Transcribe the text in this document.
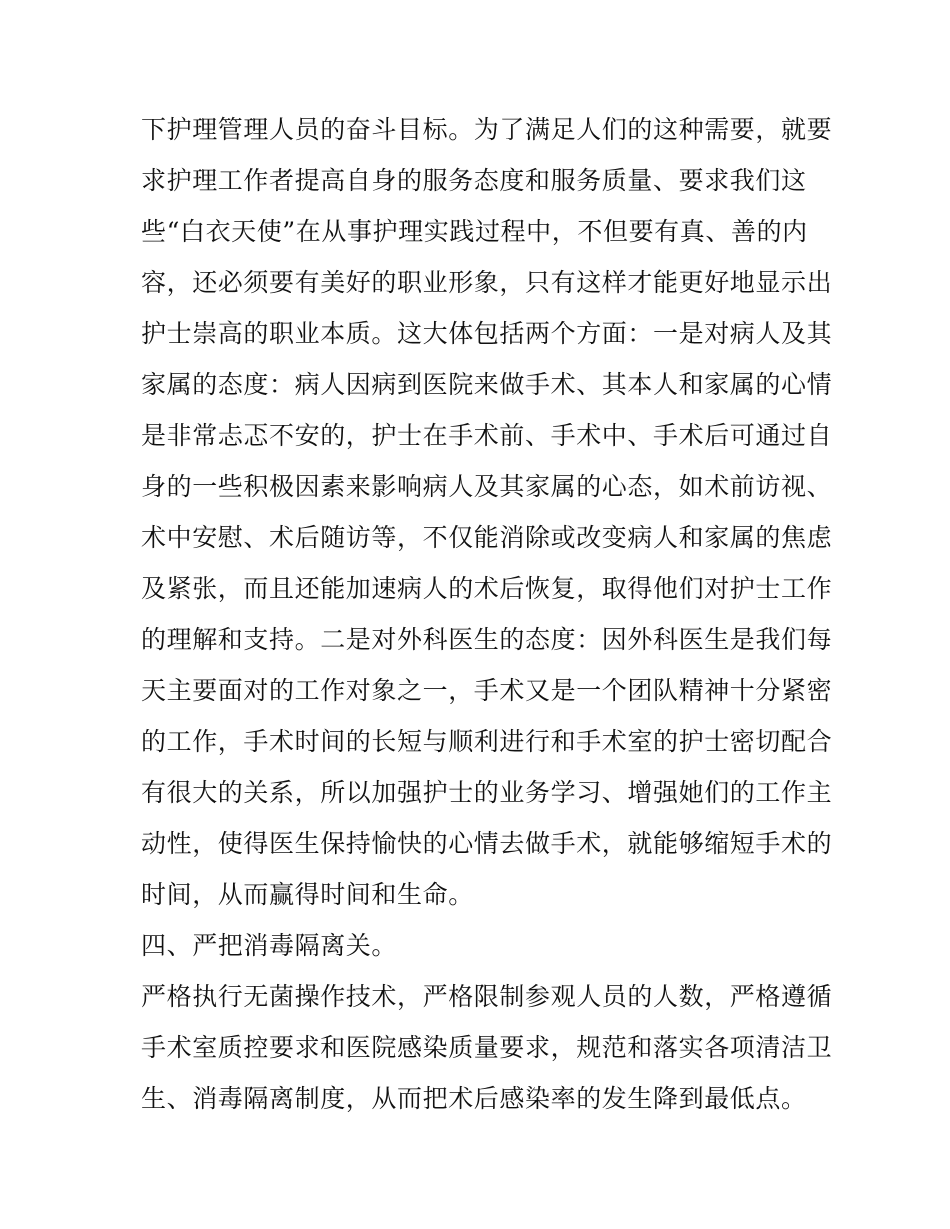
下护理管理人员的奋斗目标。为了满足人们的这种需要，就要
求护理工作者提高自身的服务态度和服务质量、要求我们这
些“白衣天使”在从事护理实践过程中，不但要有真、善的内
容，还必须要有美好的职业形象，只有这样才能更好地显示出
护士崇高的职业本质。这大体包括两个方面：一是对病人及其
家属的态度：病人因病到医院来做手术、其本人和家属的心情
是非常忐忑不安的，护士在手术前、手术中、手术后可通过自
身的一些积极因素来影响病人及其家属的心态，如术前访视、
术中安慰、术后随访等，不仅能消除或改变病人和家属的焦虑
及紧张，而且还能加速病人的术后恢复，取得他们对护士工作
的理解和支持。二是对外科医生的态度：因外科医生是我们每
天主要面对的工作对象之一，手术又是一个团队精神十分紧密
的工作，手术时间的长短与顺利进行和手术室的护士密切配合
有很大的关系，所以加强护士的业务学习、增强她们的工作主
动性，使得医生保持愉快的心情去做手术，就能够缩短手术的
时间，从而赢得时间和生命。
四、严把消毒隔离关。
严格执行无菌操作技术，严格限制参观人员的人数，严格遵循
手术室质控要求和医院感染质量要求，规范和落实各项清洁卫
生、消毒隔离制度，从而把术后感染率的发生降到最低点。
